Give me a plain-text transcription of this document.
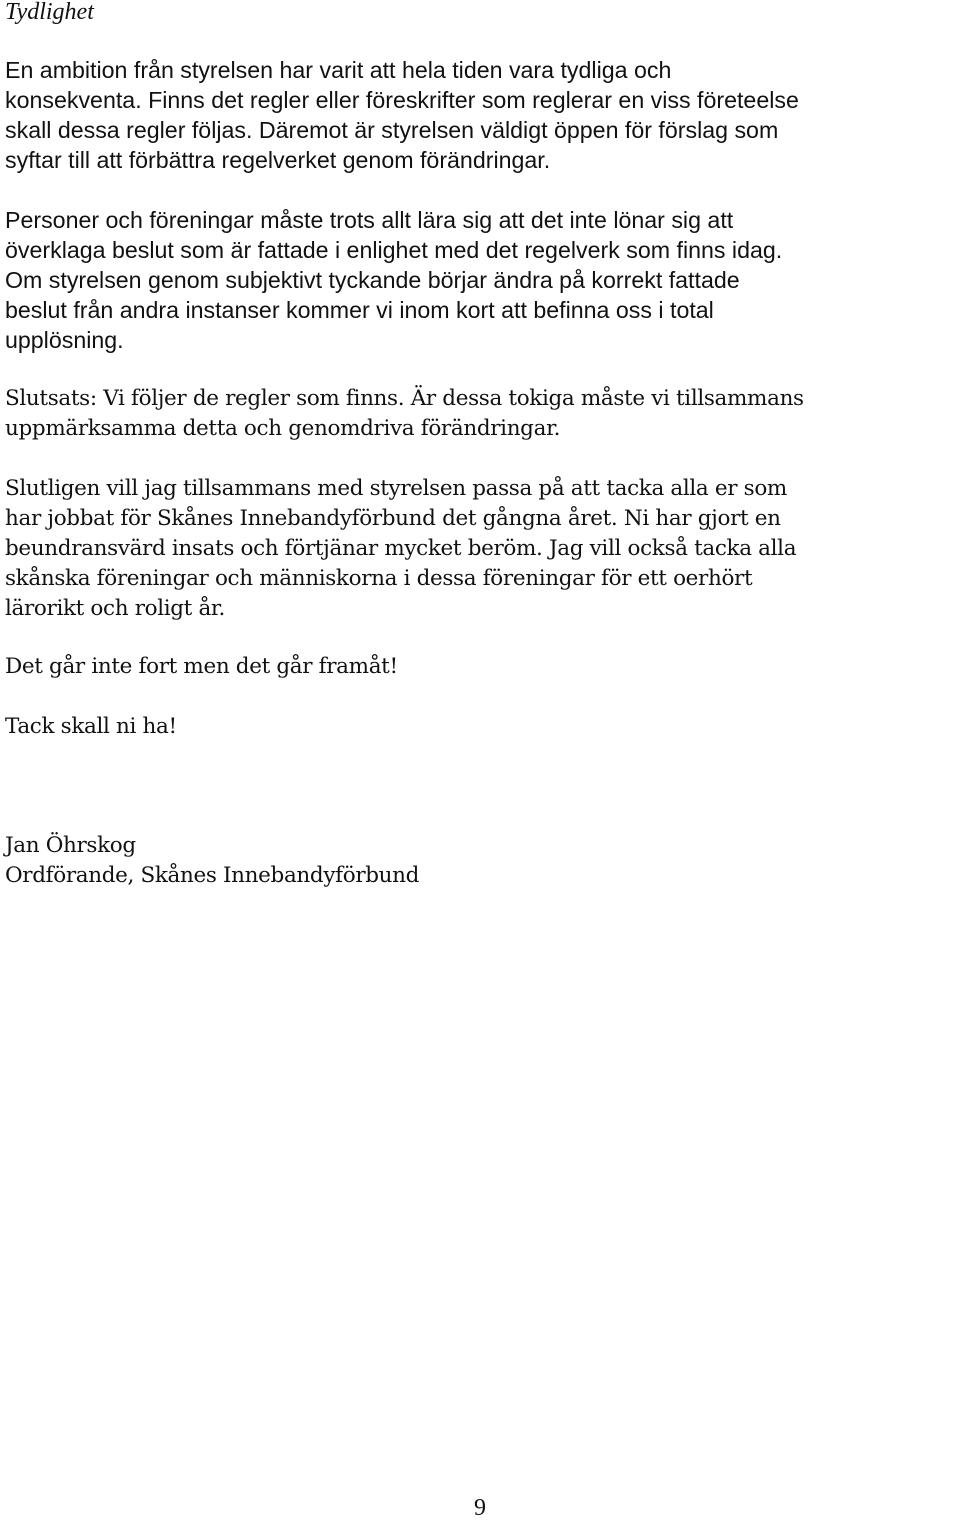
Tydlighet
En ambition från styrelsen har varit att hela tiden vara tydliga och
konsekventa. Finns det regler eller föreskrifter som reglerar en viss företeelse
skall dessa regler följas. Däremot är styrelsen väldigt öppen för förslag som
syftar till att förbättra regelverket genom förändringar.
Personer och föreningar måste trots allt lära sig att det inte lönar sig att
överklaga beslut som är fattade i enlighet med det regelverk som finns idag.
Om styrelsen genom subjektivt tyckande börjar ändra på korrekt fattade
beslut från andra instanser kommer vi inom kort att befinna oss i total
upplösning.
Slutsats: Vi följer de regler som finns. Är dessa tokiga måste vi tillsammans
uppmärksamma detta och genomdriva förändringar.
Slutligen vill jag tillsammans med styrelsen passa på att tacka alla er som
har jobbat för Skånes Innebandyförbund det gångna året. Ni har gjort en
beundransvärd insats och förtjänar mycket beröm. Jag vill också tacka alla
skånska föreningar och människorna i dessa föreningar för ett oerhört
lärorikt och roligt år.
Det går inte fort men det går framåt!
Tack skall ni ha!
Jan Öhrskog
Ordförande, Skånes Innebandyförbund

9
